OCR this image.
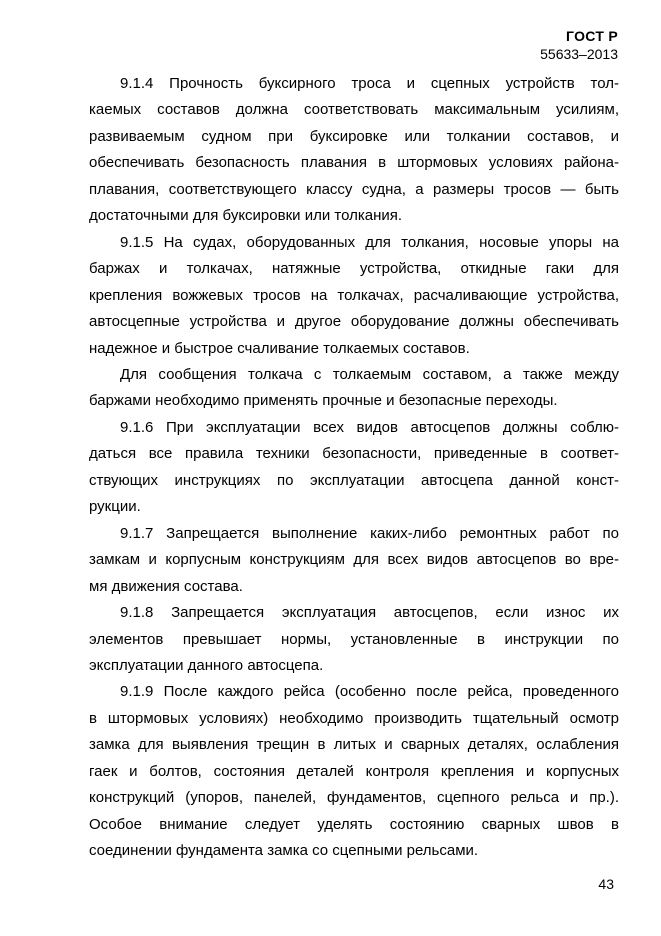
ГОСТ Р
55633–2013
9.1.4 Прочность буксирного троса и сцепных устройств тол-
каемых составов должна соответствовать максимальным усилиям,
развиваемым судном при буксировке или толкании составов, и
обеспечивать безопасность плавания в штормовых условиях района-
плавания, соответствующего классу судна, а размеры тросов — быть
достаточными для буксировки или толкания.
9.1.5 На судах, оборудованных для толкания, носовые упоры на
баржах и толкачах, натяжные устройства, откидные гаки для
крепления вожжевых тросов на толкачах, расчаливающие устройства,
автосцепные устройства и другое оборудование должны обеспечивать
надежное и быстрое счаливание толкаемых составов.
Для сообщения толкача с толкаемым составом, а также между
баржами необходимо применять прочные и безопасные переходы.
9.1.6 При эксплуатации всех видов автосцепов должны соблю-
даться все правила техники безопасности, приведенные в соответ-
ствующих инструкциях по эксплуатации автосцепа данной конст-
рукции.
9.1.7 Запрещается выполнение каких-либо ремонтных работ по
замкам и корпусным конструкциям для всех видов автосцепов во вре-
мя движения состава.
9.1.8 Запрещается эксплуатация автосцепов, если износ их
элементов превышает нормы, установленные в инструкции по
эксплуатации данного автосцепа.
9.1.9 После каждого рейса (особенно после рейса, проведенного
в штормовых условиях) необходимо производить тщательный осмотр
замка для выявления трещин в литых и сварных деталях, ослабления
гаек и болтов, состояния деталей контроля крепления и корпусных
конструкций (упоров, панелей, фундаментов, сцепного рельса и пр.).
Особое внимание следует уделять состоянию сварных швов в
соединении фундамента замка со сцепными рельсами.
43
